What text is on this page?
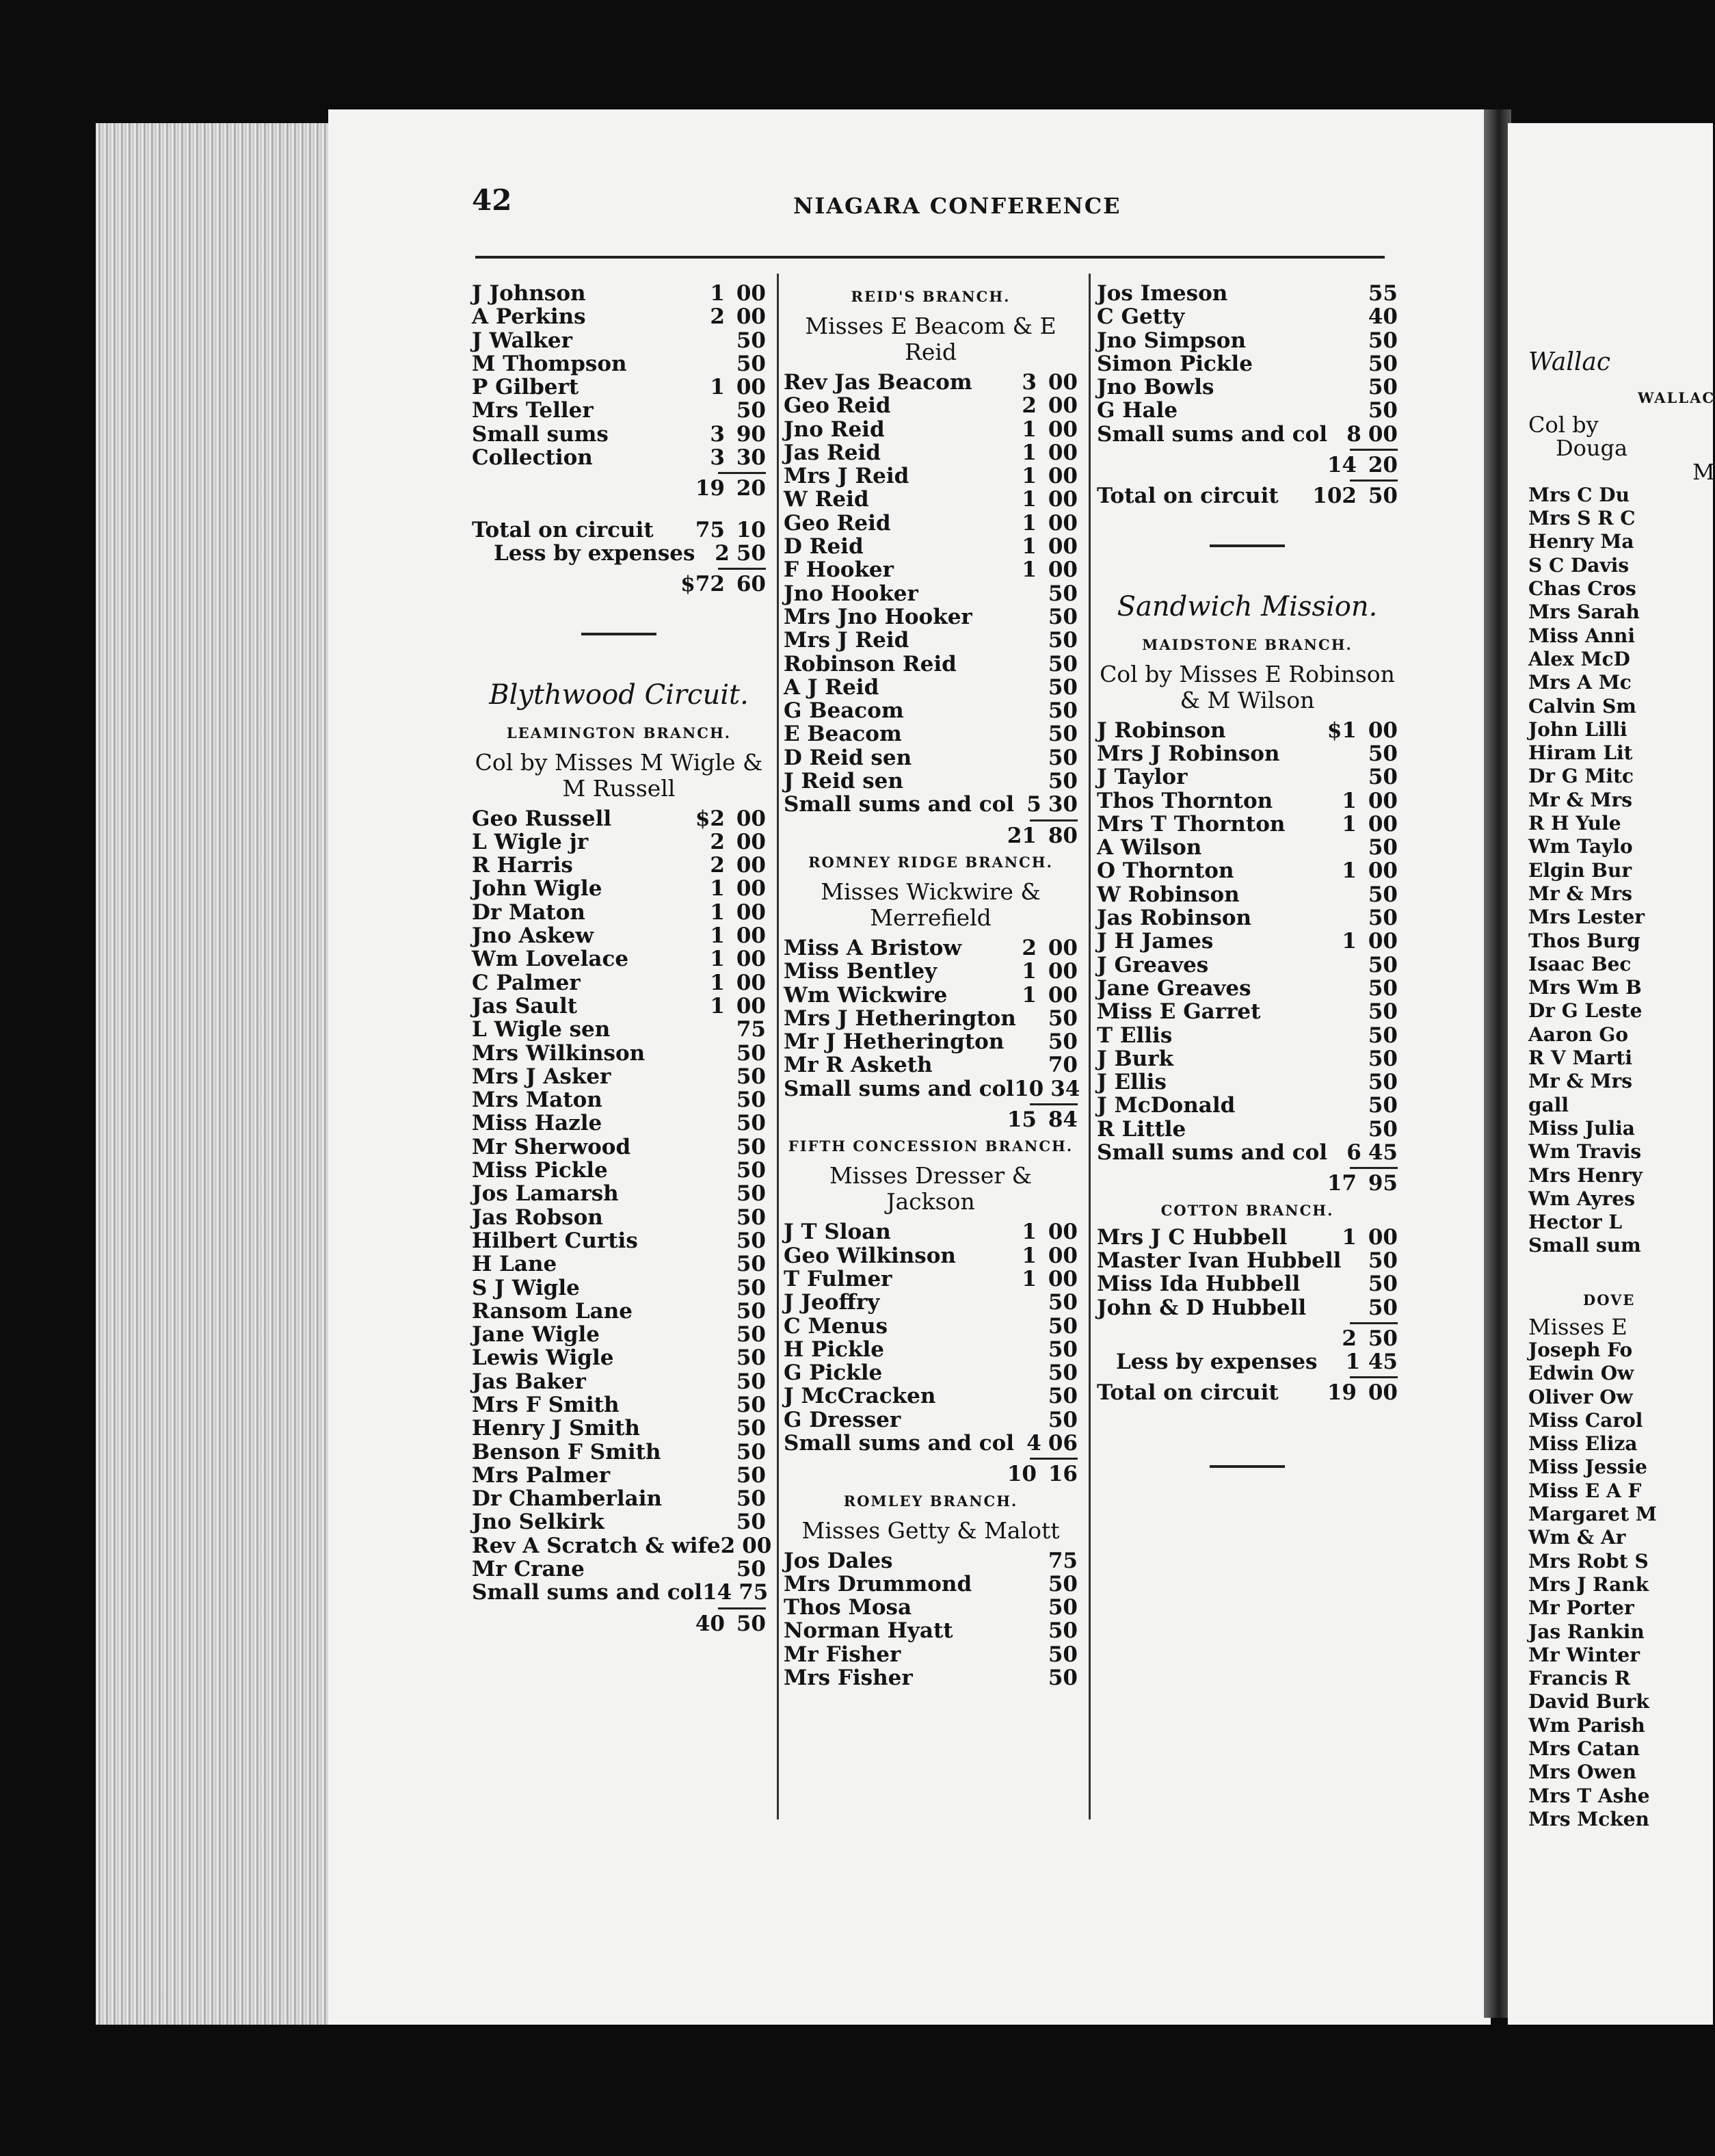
42	NIAGARA CONFERENCE
J Johnson	1 00
A Perkins	2 00
J Walker	50
M Thompson	50
P Gilbert	1 00
Mrs Teller	50
Small sums	3 90
Collection	3 30
19 20
Total on circuit	75 10
Less by expenses 2 50
$72 60
Blythwood Circuit.
LEAMINGTON BRANCH.
Col by Misses M Wigle & M Russell
Geo Russell	$2 00
L Wigle jr	2 00
R Harris	2 00
John Wigle	1 00
Dr Maton	1 00
Jno Askew	1 00
Wm Lovelace	1 00
C Palmer	1 00
Jas Sault	1 00
L Wigle sen	75
Mrs Wilkinson	50
Mrs J Asker	50
Mrs Maton	50
Miss Hazle	50
Mr Sherwood	50
Miss Pickle	50
Jos Lamarsh	50
Jas Robson	50
Hilbert Curtis	50
H Lane	50
S J Wigle	50
Ransom Lane	50
Jane Wigle	50
Lewis Wigle	50
Jas Baker	50
Mrs F Smith	50
Henry J Smith	50
Benson F Smith	50
Mrs Palmer	50
Dr Chamberlain	50
Jno Selkirk	50
Rev A Scratch & wife 2 00
Mr Crane	50
Small sums and col 14 75
40 50
REID'S BRANCH.
Misses E Beacom & E Reid
Rev Jas Beacom	3 00
Geo Reid	2 00
Jno Reid	1 00
Jas Reid	1 00
Mrs J Reid	1 00
W Reid	1 00
Geo Reid	1 00
D Reid	1 00
F Hooker	1 00
Jno Hooker	50
Mrs Jno Hooker	50
Mrs J Reid	50
Robinson Reid	50
A J Reid	50
G Beacom	50
E Beacom	50
D Reid sen	50
J Reid sen	50
Small sums and col 5 30
21 80
ROMNEY RIDGE BRANCH.
Misses Wickwire & Merrefield
Miss A Bristow	2 00
Miss Bentley	1 00
Wm Wickwire	1 00
Mrs J Hetherington	50
Mr J Hetherington	50
Mr R Asketh	70
Small sums and col 10 34
15 84
FIFTH CONCESSION BRANCH.
Misses Dresser & Jackson
J T Sloan	1 00
Geo Wilkinson	1 00
T Fulmer	1 00
J Jeoffry	50
C Menus	50
H Pickle	50
G Pickle	50
J McCracken	50
G Dresser	50
Small sums and col 4 06
10 16
ROMLEY BRANCH.
Misses Getty & Malott
Jos Dales	75
Mrs Drummond	50
Thos Mosa	50
Norman Hyatt	50
Mr Fisher	50
Mrs Fisher	50
Jos Imeson	55
C Getty	40
Jno Simpson	50
Simon Pickle	50
Jno Bowls	50
G Hale	50
Small sums and col 8 00
14 20
Total on circuit	102 50
Sandwich Mission.
MAIDSTONE BRANCH.
Col by Misses E Robinson & M Wilson
J Robinson	$1 00
Mrs J Robinson	50
J Taylor	50
Thos Thornton	1 00
Mrs T Thornton	1 00
A Wilson	50
O Thornton	1 00
W Robinson	50
Jas Robinson	50
J H James	1 00
J Greaves	50
Jane Greaves	50
Miss E Garret	50
T Ellis	50
J Burk	50
J Ellis	50
J McDonald	50
R Little	50
Small sums and col 6 45
17 95
COTTON BRANCH.
Mrs J C Hubbell	1 00
Master Ivan Hubbell	50
Miss Ida Hubbell	50
John & D Hubbell	50
2 50
Less by expenses	1 45
Total on circuit	19 00
Wallac
WALLAC
Col by
Douga
M
Mrs C Du
Mrs S R C
Henry Ma
S C Davis
Chas Cros
Mrs Sarah
Miss Anni
Alex McD
Mrs A Mc
Calvin Sm
John Lilli
Hiram Lit
Dr G Mitc
Mr & Mrs
R H Yule
Wm Taylo
Elgin Bur
Mr & Mrs
Mrs Lester
Thos Burg
Isaac Bec
Mrs Wm B
Dr G Leste
Aaron Go
R V Marti
Mr & Mrs
gall
Miss Julia
Wm Travis
Mrs Henry
Wm Ayres
Hector L
Small sum
DOVE
Misses E
Joseph Fo
Edwin Ow
Oliver Ow
Miss Carol
Miss Eliza
Miss Jessie
Miss E A F
Margaret M
Wm & Ar
Mrs Robt S
Mrs J Rank
Mr Porter
Jas Rankin
Mr Winter
Francis R
David Burk
Wm Parish
Mrs Catan
Mrs Owen
Mrs T Ashe
Mrs Mcken
